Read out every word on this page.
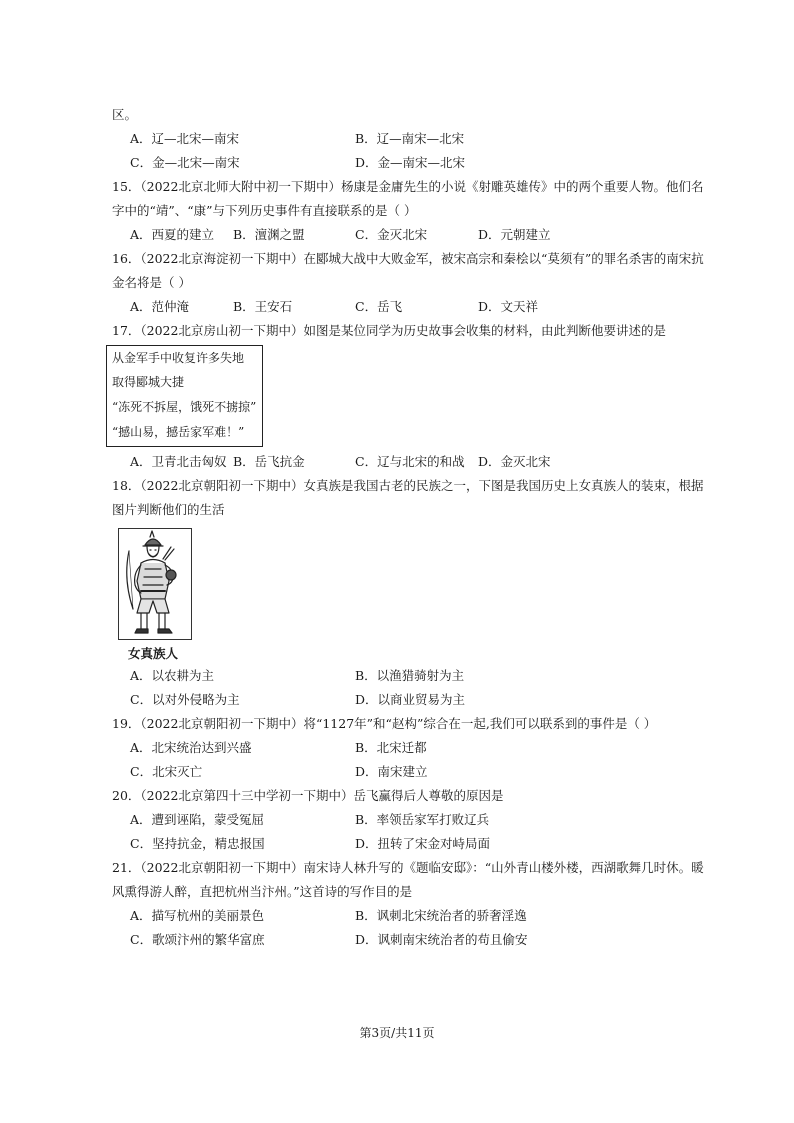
区。
A．辽—北宋—南宋	B．辽—南宋—北宋
C．金—北宋—南宋	D．金—南宋—北宋
15．（2022北京北师大附中初一下期中）杨康是金庸先生的小说《射雕英雄传》中的两个重要人物。他们名
字中的“靖”、“康”与下列历史事件有直接联系的是（ ）
A．西夏的建立 B．澶渊之盟	C．金灭北宋	D．元朝建立
16．（2022北京海淀初一下期中）在郾城大战中大败金军，被宋高宗和秦桧以“莫须有”的罪名杀害的南宋抗
金名将是（ ）
A．范仲淹	B．王安石	C．岳飞	D．文天祥
17．（2022北京房山初一下期中）如图是某位同学为历史故事会收集的材料，由此判断他要讲述的是
从金军手中收复许多失地
取得郾城大捷
“冻死不拆屋，饿死不掳掠”
“撼山易，撼岳家军难！”
A．卫青北击匈奴 B．岳飞抗金	C．辽与北宋的和战 D．金灭北宋
18．（2022北京朝阳初一下期中）女真族是我国古老的民族之一，下图是我国历史上女真族人的装束，根据
图片判断他们的生活
女真族人
A．以农耕为主	B．以渔猎骑射为主
C．以对外侵略为主	D．以商业贸易为主
19．（2022北京朝阳初一下期中）将“1127年”和“赵构”综合在一起,我们可以联系到的事件是（ ）
A．北宋统治达到兴盛	B．北宋迁都
C．北宋灭亡	D．南宋建立
20．（2022北京第四十三中学初一下期中）岳飞赢得后人尊敬的原因是
A．遭到诬陷，蒙受冤屈	B．率领岳家军打败辽兵
C．坚持抗金，精忠报国	D．扭转了宋金对峙局面
21．（2022北京朝阳初一下期中）南宋诗人林升写的《题临安邸》：“山外青山楼外楼，西湖歌舞几时休。暖
风熏得游人醉，直把杭州当汴州。”这首诗的写作目的是
A．描写杭州的美丽景色	B．讽刺北宋统治者的骄奢淫逸
C．歌颂汴州的繁华富庶	D．讽刺南宋统治者的苟且偷安
第3页/共11页
